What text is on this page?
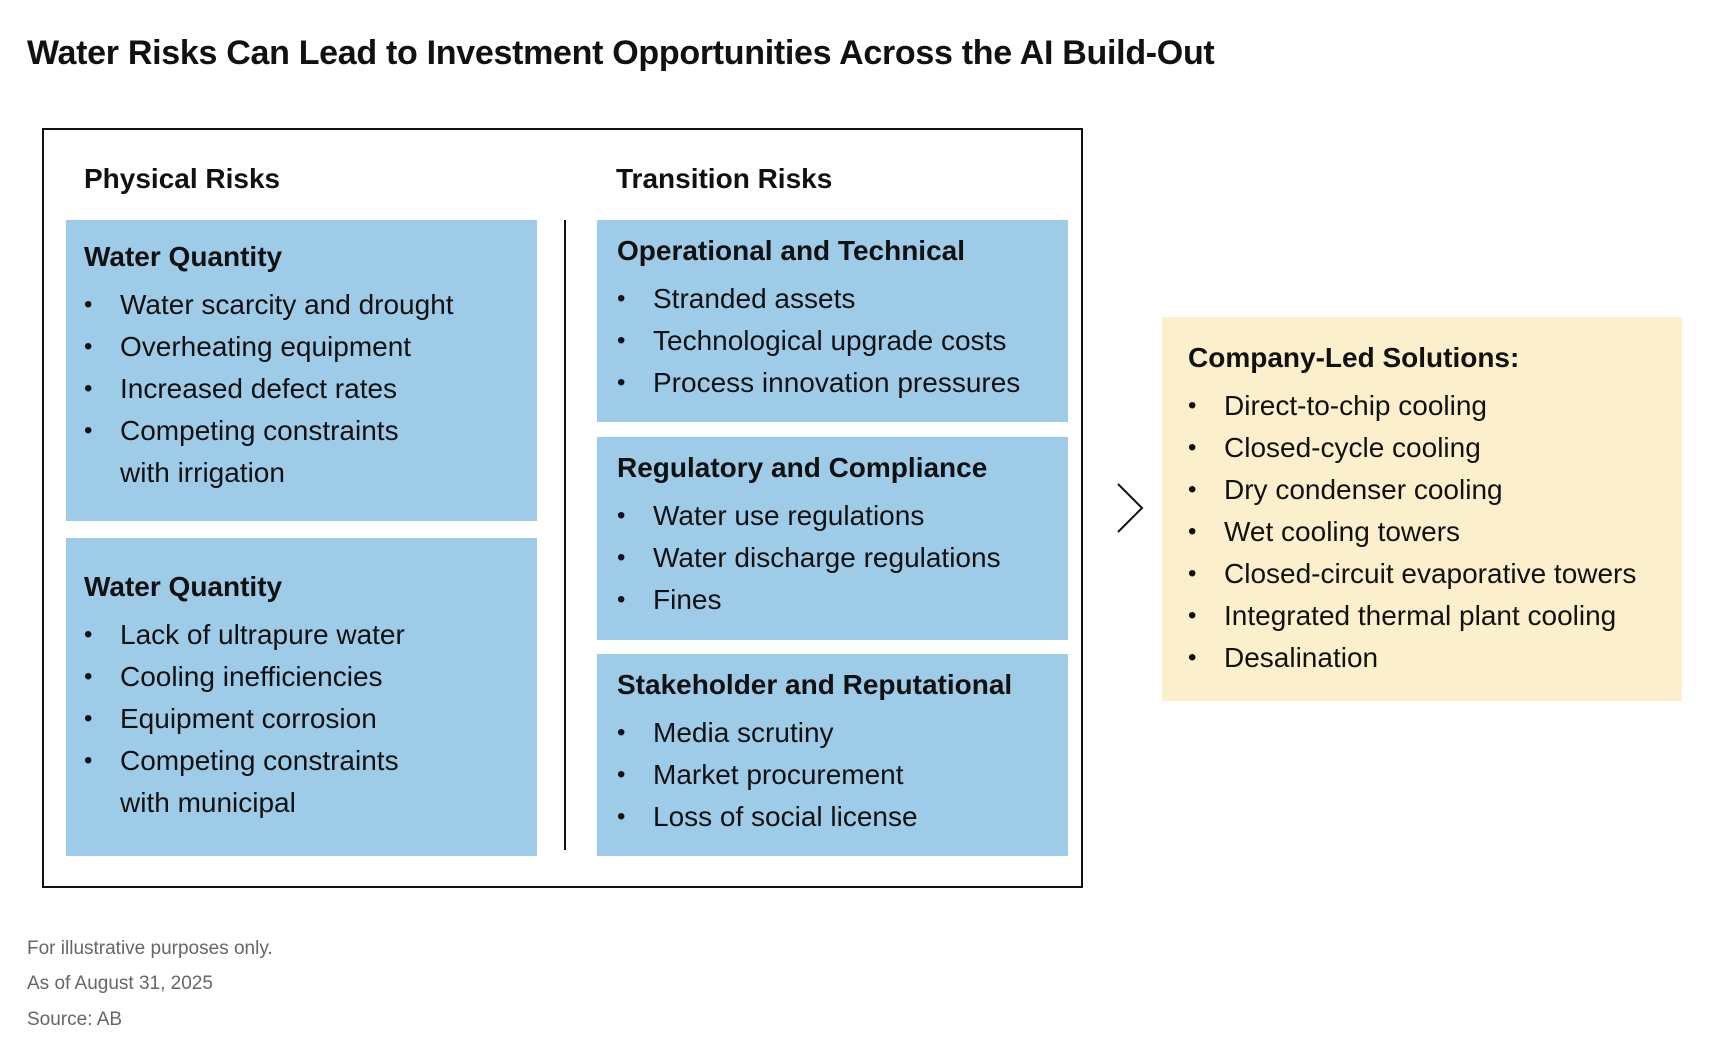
Water Risks Can Lead to Investment Opportunities Across the AI Build-Out
Physical Risks	Transition Risks
Water Quantity
• Water scarcity and drought
• Overheating equipment
• Increased defect rates
• Competing constraints with irrigation
Water Quantity
• Lack of ultrapure water
• Cooling inefficiencies
• Equipment corrosion
• Competing constraints with municipal
Operational and Technical
• Stranded assets
• Technological upgrade costs
• Process innovation pressures
Regulatory and Compliance
• Water use regulations
• Water discharge regulations
• Fines
Stakeholder and Reputational
• Media scrutiny
• Market procurement
• Loss of social license
Company-Led Solutions:
• Direct-to-chip cooling
• Closed-cycle cooling
• Dry condenser cooling
• Wet cooling towers
• Closed-circuit evaporative towers
• Integrated thermal plant cooling
• Desalination

For illustrative purposes only.

As of August 31, 2025

Source: AB
